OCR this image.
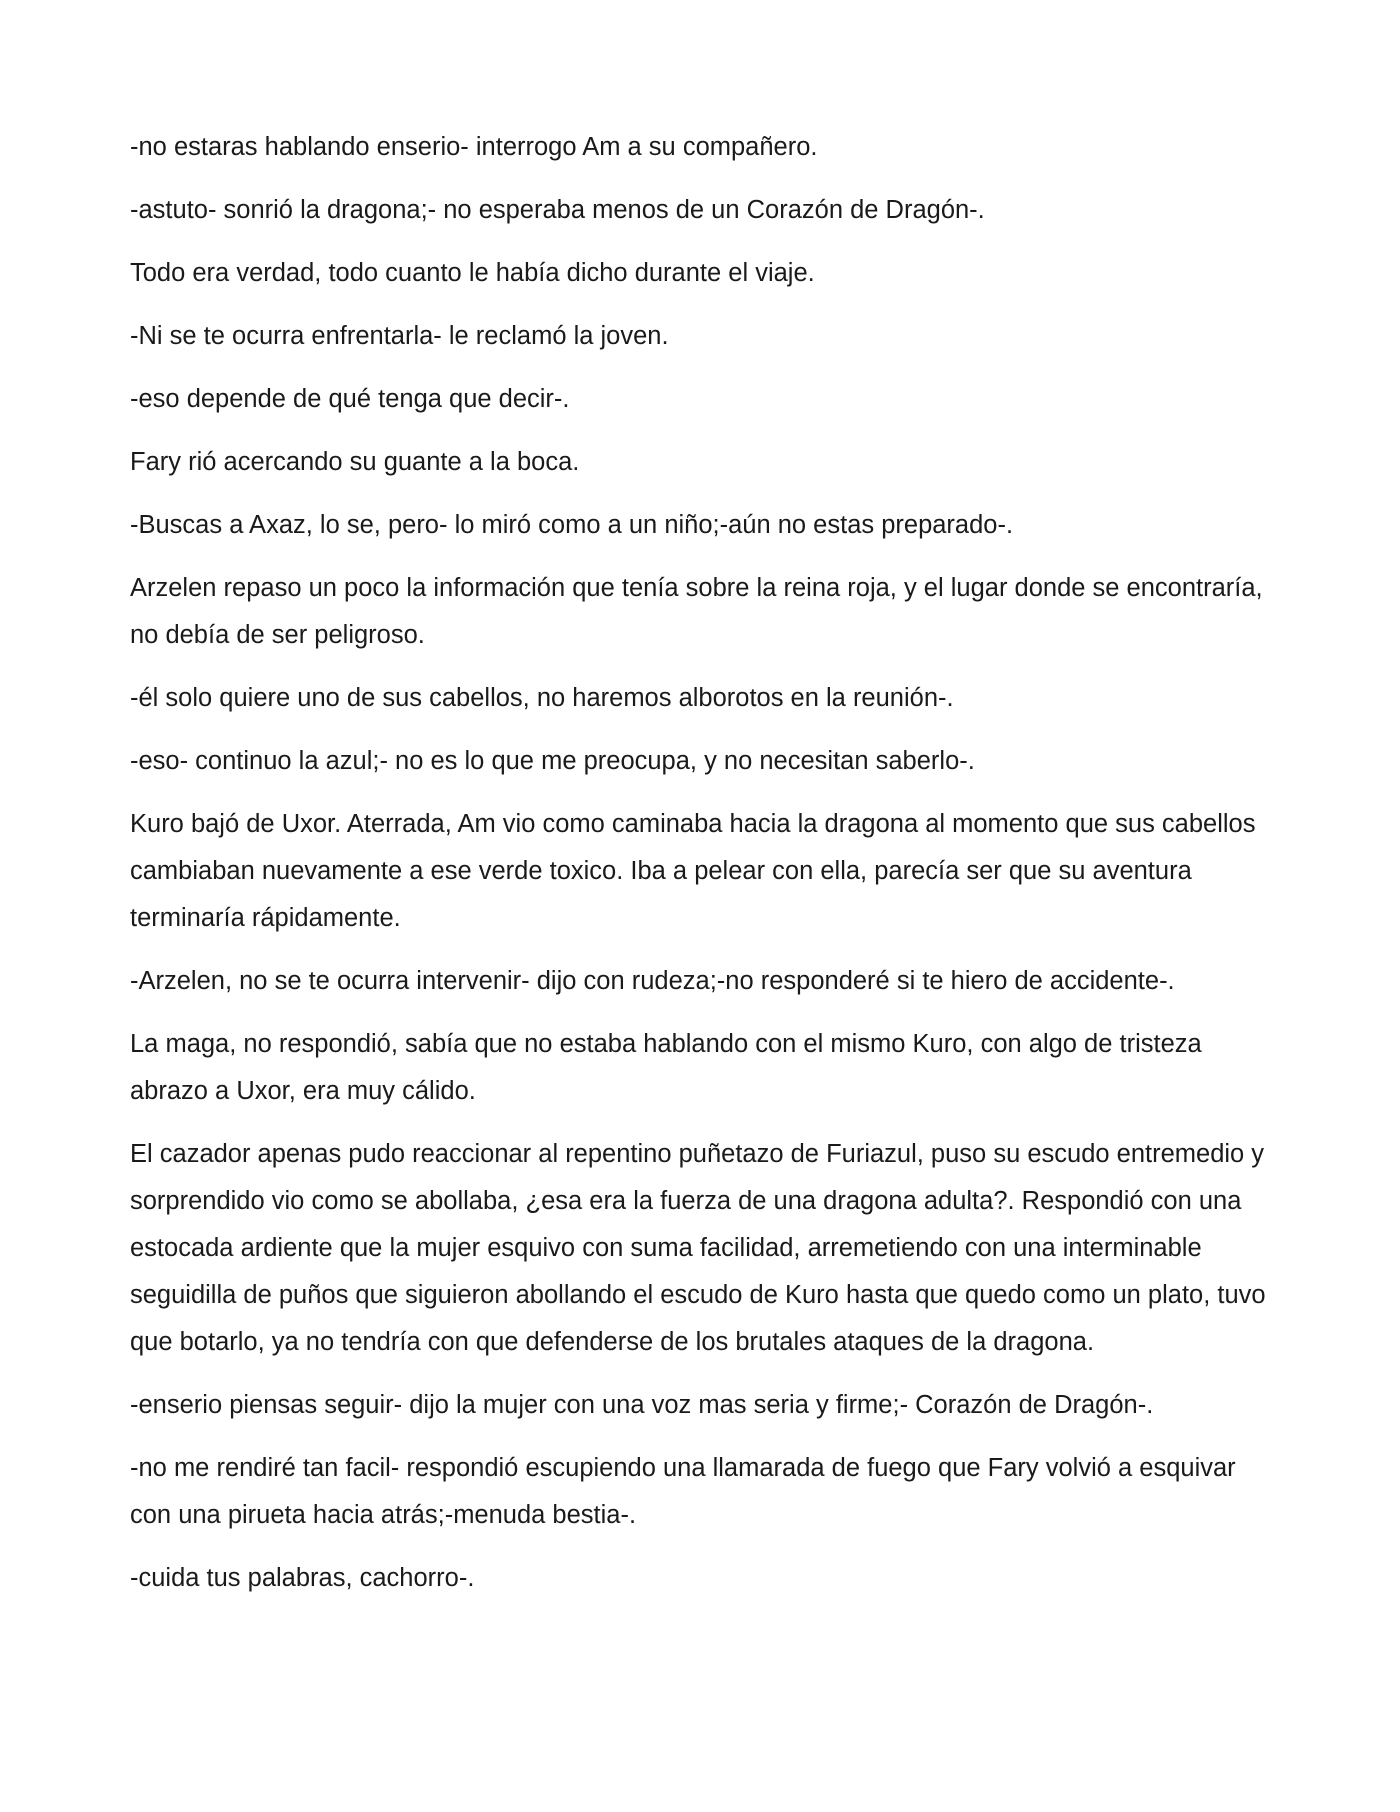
-no estaras hablando enserio- interrogo Am a su compañero.

-astuto- sonrió la dragona;- no esperaba menos de un Corazón de Dragón-.

Todo era verdad, todo cuanto le había dicho durante el viaje.

-Ni se te ocurra enfrentarla- le reclamó la joven.

-eso depende de qué tenga que decir-.

Fary rió acercando su guante a la boca.

-Buscas a Axaz, lo se, pero- lo miró como a un niño;-aún no estas preparado-.

Arzelen repaso un poco la información que tenía sobre la reina roja, y el lugar donde se encontraría, no debía de ser peligroso.

-él solo quiere uno de sus cabellos, no haremos alborotos en la reunión-.

-eso- continuo la azul;- no es lo que me preocupa, y no necesitan saberlo-.

Kuro bajó de Uxor. Aterrada, Am vio como caminaba hacia la dragona al momento que sus cabellos cambiaban nuevamente a ese verde toxico. Iba a pelear con ella, parecía ser que su aventura terminaría rápidamente.

-Arzelen, no se te ocurra intervenir- dijo con rudeza;-no responderé si te hiero de accidente-.

La maga, no respondió, sabía que no estaba hablando con el mismo Kuro, con algo de tristeza abrazo a Uxor, era muy cálido.

El cazador apenas pudo reaccionar al repentino puñetazo de Furiazul, puso su escudo entremedio y sorprendido vio como se abollaba, ¿esa era la fuerza de una dragona adulta?. Respondió con una estocada ardiente que la mujer esquivo con suma facilidad, arremetiendo con una interminable seguidilla de puños que siguieron abollando el escudo de Kuro hasta que quedo como un plato, tuvo que botarlo, ya no tendría con que defenderse de los brutales ataques de la dragona.

-enserio piensas seguir- dijo la mujer con una voz mas seria y firme;- Corazón de Dragón-.

-no me rendiré tan facil- respondió escupiendo una llamarada de fuego que Fary volvió a esquivar con una pirueta hacia atrás;-menuda bestia-.

-cuida tus palabras, cachorro-.
